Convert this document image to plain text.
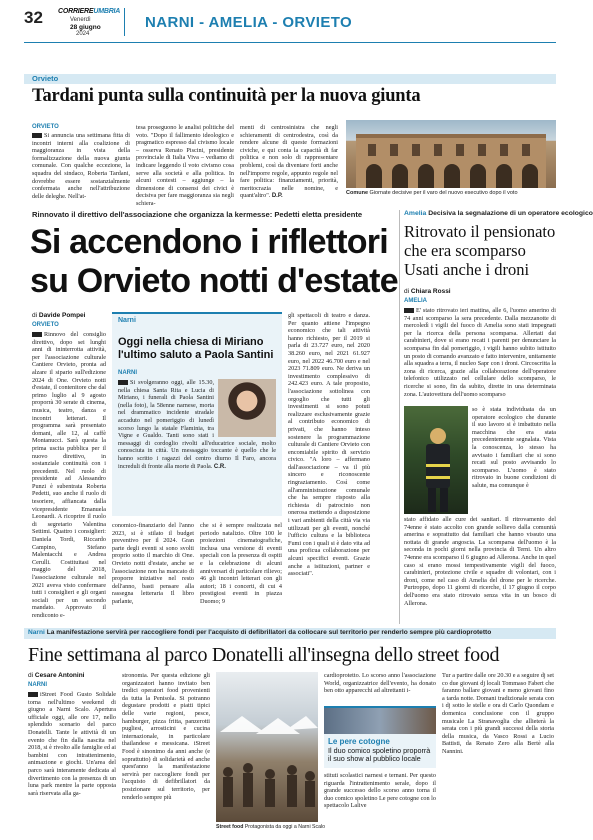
32 CORRIEREUMBRIA
Venerdì
28 giugno
2024
NARNI - AMELIA - ORVIETO
Orvieto
Tardani punta sulla continuità per la nuova giunta
ORVIETO
Si annuncia una settimana fitta di incontri interni alla coalizione di maggioranza in vista della formalizzazione della nuova giunta comunale. Con qualche eccezione, la squadra del sindaco, Roberta Tardani, dovrebbe essere sostanzialmente confermata anche nell'attribuzione delle deleghe. Nell'at-
tesa proseguono le analisi politiche del voto. "Dopo il fallimento ideologico e pragmatico espresso dal civismo locale – osserva Renato Piscini, presidente provinciale di Italia Viva – vediamo di indicare leggendo il voto civismo cosa serve alla società e alla politica. In alcuni contesti – aggiunge – la dimensione di consensi dei civici è decisiva per fare maggioranza sia negli schiera-
menti di centrosinistra che negli schieramenti di centrodestra, così da rendere alcune di queste formazioni civiche, e qui conta la capacità di far politica e non solo di rappresentare problemi, così da diventare forti anche nell'imporre regole, appunto regole nel fare politica: finanziamenti, priorità, meritocrazia nelle nomine, e quant'altro". D.P.
Comune Giornate decisive per il varo del nuovo esecutivo dopo il voto
Rinnovato il direttivo dell'associazione che organizza la kermesse: Pedetti eletta presidente
Si accendono i riflettori
su Orvieto notti d'estate
di Davide Pompei
ORVIETO
Rinnovo del consiglio direttivo, dopo sei lunghi anni di ininterrotta attività, per l'associazione culturale Cantiere Orvieto, pronta ad alzare il sipario sull'edizione 2024 di One. Orvieto notti d'estate, il contenitore che dal primo luglio al 9 agosto proporrà 30 serate di cinema, musica, teatro, danza e incontri letterari. Il programma sarà presentato domani, alle 12, al caffè Montanucci. Sarà questa la prima uscita pubblica per il nuovo direttivo, in sostanziale continuità con i precedenti. Nel ruolo di presidente ad Alessandro Punzi è subentrata Roberta Pedetti, suo anche il ruolo di tesoriere, affiancata dalla vicepresidente Emanuela Leonardi. A ricoprire il ruolo di segretario Valentina Settimi. Quattro i consiglieri: Daniela Tordi, Riccardo Campino, Stefano Malentacchi e Andrea Cerulli. Costituitasi nel maggio del 2018, l'associazione culturale nel 2021 aveva visto confermare tutti i consiglieri e gli organi sociali per un secondo mandato. Approvato il rendiconto e-
conomico-finanziario del l'anno 2023, si è stilato il budget preventivo per il 2024. Gran parte degli eventi si sono svolti proprio sotto il marchio di One. Orvieto notti d'estate, anche se l'associazione non ha mancato di proporre iniziative nel resto dell'anno, basti pensare alla rassegna letteraria Il libro parlante,
che si è sempre realizzata nel periodo natalizio. Oltre 100 le proiezioni cinematografiche, inclusa una versione di eventi speciali con la presenza di ospiti e la celebrazione di alcuni anniversari di particolare rilievo; 46 gli incontri letterari con gli autori; 18 i concerti, di cui 4 prestigiosi eventi in piazza Duomo; 9
gli spettacoli di teatro e danza. Per quanto attiene l'impegno economico che tali attività hanno richiesto, per il 2019 si parla di 23.727 euro, nel 2020 38.260 euro, nel 2021 61.927 euro, nel 2022 46.700 euro e nel 2023 71.809 euro. Ne deriva un investimento complessivo di 242.423 euro. A tale proposito, l'associazione sottolinea con orgoglio che tutti gli investimenti si sono potuti realizzare esclusivamente grazie al contributo economico di privati, che hanno inteso sostenere la programmazione culturale di Cantiere Orvieto con encomiabile spirito di servizio civico. "A loro – affermano dall'associazione – va il più sincero e riconoscente ringraziamento. Così come all'amministrazione comunale che ha sempre risposto alla richiesta di patrocinio non onerosa mettendo a disposizione i vari ambienti della città via via utilizzati per gli eventi, nonché l'ufficio cultura e la biblioteca Fumi con i quali si è dato vita ad una proficua collaborazione per alcuni specifici eventi. Grazie anche a istituzioni, partner e associati".
Narni
Oggi nella chiesa di Miriano
l'ultimo saluto a Paola Santini
NARNI
Si svolgeranno oggi, alle 15.30, nella chiesa Santa Rita e Lucia di Miriano, i funerali di Paola Santini (nella foto), la 58enne narnese, morta nel drammatico incidente stradale accaduto nel pomeriggio di lunedì scorso lungo la statale Flaminia, tra Vigne e Gualdo. Tanti sono stati i messaggi di cordoglio rivolti all'educatrice sociale, molto conosciuta in città. Un messaggio toccante è quello che le hanno scritto i ragazzi del centro diurno Il Faro, ancora increduli di fronte alla morte di Paola. C.R.
Amelia Decisiva la segnalazione di un operatore ecologico
Ritrovato il pensionato
che era scomparso
Usati anche i droni
di Chiara Rossi
AMELIA
E' stato ritrovato ieri mattina, alle 6, l'uomo amerino di 74 anni scomparso la sera precedente. Dalla mezzanotte di mercoledì i vigili del fuoco di Amelia sono stati impegnati per la ricerca della persona scomparsa. Allertati dai carabinieri, dove si erano recati i parenti per denunciare la scomparsa fin dal pomeriggio, i vigili hanno subito istituito un posto di comando avanzato e fatto intervenire, unitamente alla squadra a terra, il nucleo Sapr con i droni. Circoscritta la zona di ricerca, grazie alla collaborazione dell'operatore telefonico utilizzato nel cellulare dello scomparso, le ricerche si sono, fin da subito, dirette in una determinata zona. L'autovettura dell'uomo scomparso
so è stata individuata da un operatore ecologico che durante il suo lavoro si è imbattuto nella macchina che era stata precedentemente segnalata. Vista la conoscenza, lo stesso ha avvisato i familiari che si sono recati sul posto avvisando lo scomparso. L'uomo è stato ritrovato in buone condizioni di salute, ma comunque è
stato affidato alle cure dei sanitari. Il ritrovamento del 74enne è stato accolto con grande sollievo dalla comunità amerina e soprattutto dai familiari che hanno vissuto una nottata di grande angoscia. La scomparsa dell'uomo è la seconda in pochi giorni nella provincia di Terni. Un altro 74enne era scomparso il 6 giugno ad Allerona. Anche in quel caso si erano mossi tempestivamente vigili del fuoco, carabinieri, protezione civile e squadre di volontari, con i droni, come nel caso di Amelia del drone per le ricerche. Purtroppo, dopo 11 giorni di ricerche, il 17 giugno il corpo dell'uomo era stato ritrovato senza vita in un bosco di Allerona.
Narni La manifestazione servirà per raccogliere fondi per l'acquisto di defibrillatori da collocare sul territorio per renderlo sempre più cardioprotetto
Fine settimana al parco Donatelli all'insegna dello street food
di Cesare Antonini
NARNI
iStreet Food Gusto Solidale torna nell'ultimo weekend di giugno a Narni Scalo. Apertura ufficiale oggi, alle ore 17, nello splendido scenario del parco Donatelli. Tante le attività di un evento che fin dalla nascita nel 2018, si è rivolto alle famiglie ed ai bambini con intrattenimento, animazione e giochi. Un'area del parco sarà interamente dedicata al divertimento con la presenza di un luna park mentre la parte opposta sarà riservata alla ga-
stronomia. Per questa edizione gli organizzatori hanno invitato ben tredici operatori food provenienti da tutta la Penisola. Si potranno degustare prodotti e piatti tipici delle varie regioni, pesce, hamburger, pizza fritta, panzerotti pugliesi, arrosticini e cucina internazionale, in particolare thailandese e messicana. iStreet Food è sinonimo da anni anche (e soprattutto) di solidarietà ed anche quest'anno la manifestazione servirà per raccogliere fondi per l'acquisto di defibrillatori da posizionare sul territorio, per renderlo sempre più
Street food Protagonista da oggi a Narni Scalo
cardioprotetto. Lo scorso anno l'associazione World, organizzatrice dell'evento, ha donato ben otto apparecchi ad altrettanti i-
Le pere cotogne
Il duo comico spoletino proporrà il suo show al pubblico locale
stituti scolastici narnesi e ternani. Per questo riguarda l'intrattenimento serale, dopo il grande successo dello scorso anno torna il duo comico spoletino Le pere cotogne con lo spettacolo Lalive
Tur a partire dalle ore 20.30 e a seguire dj set co due giovani dj locali Tommaso Fabert che faranno ballare giovani e meno giovani fino a tarda notte. Domani tradizionale serata con i dj sotto le stelle e ora di Carlo Quondam e domenica conclusione con il gruppo musicale La Stranavoglia che allieterà la serata con i più grandi successi della storia della musica, da Vasco Rossi a Lucio Battisti, da Renato Zero alla Bertè alla Nannini.
